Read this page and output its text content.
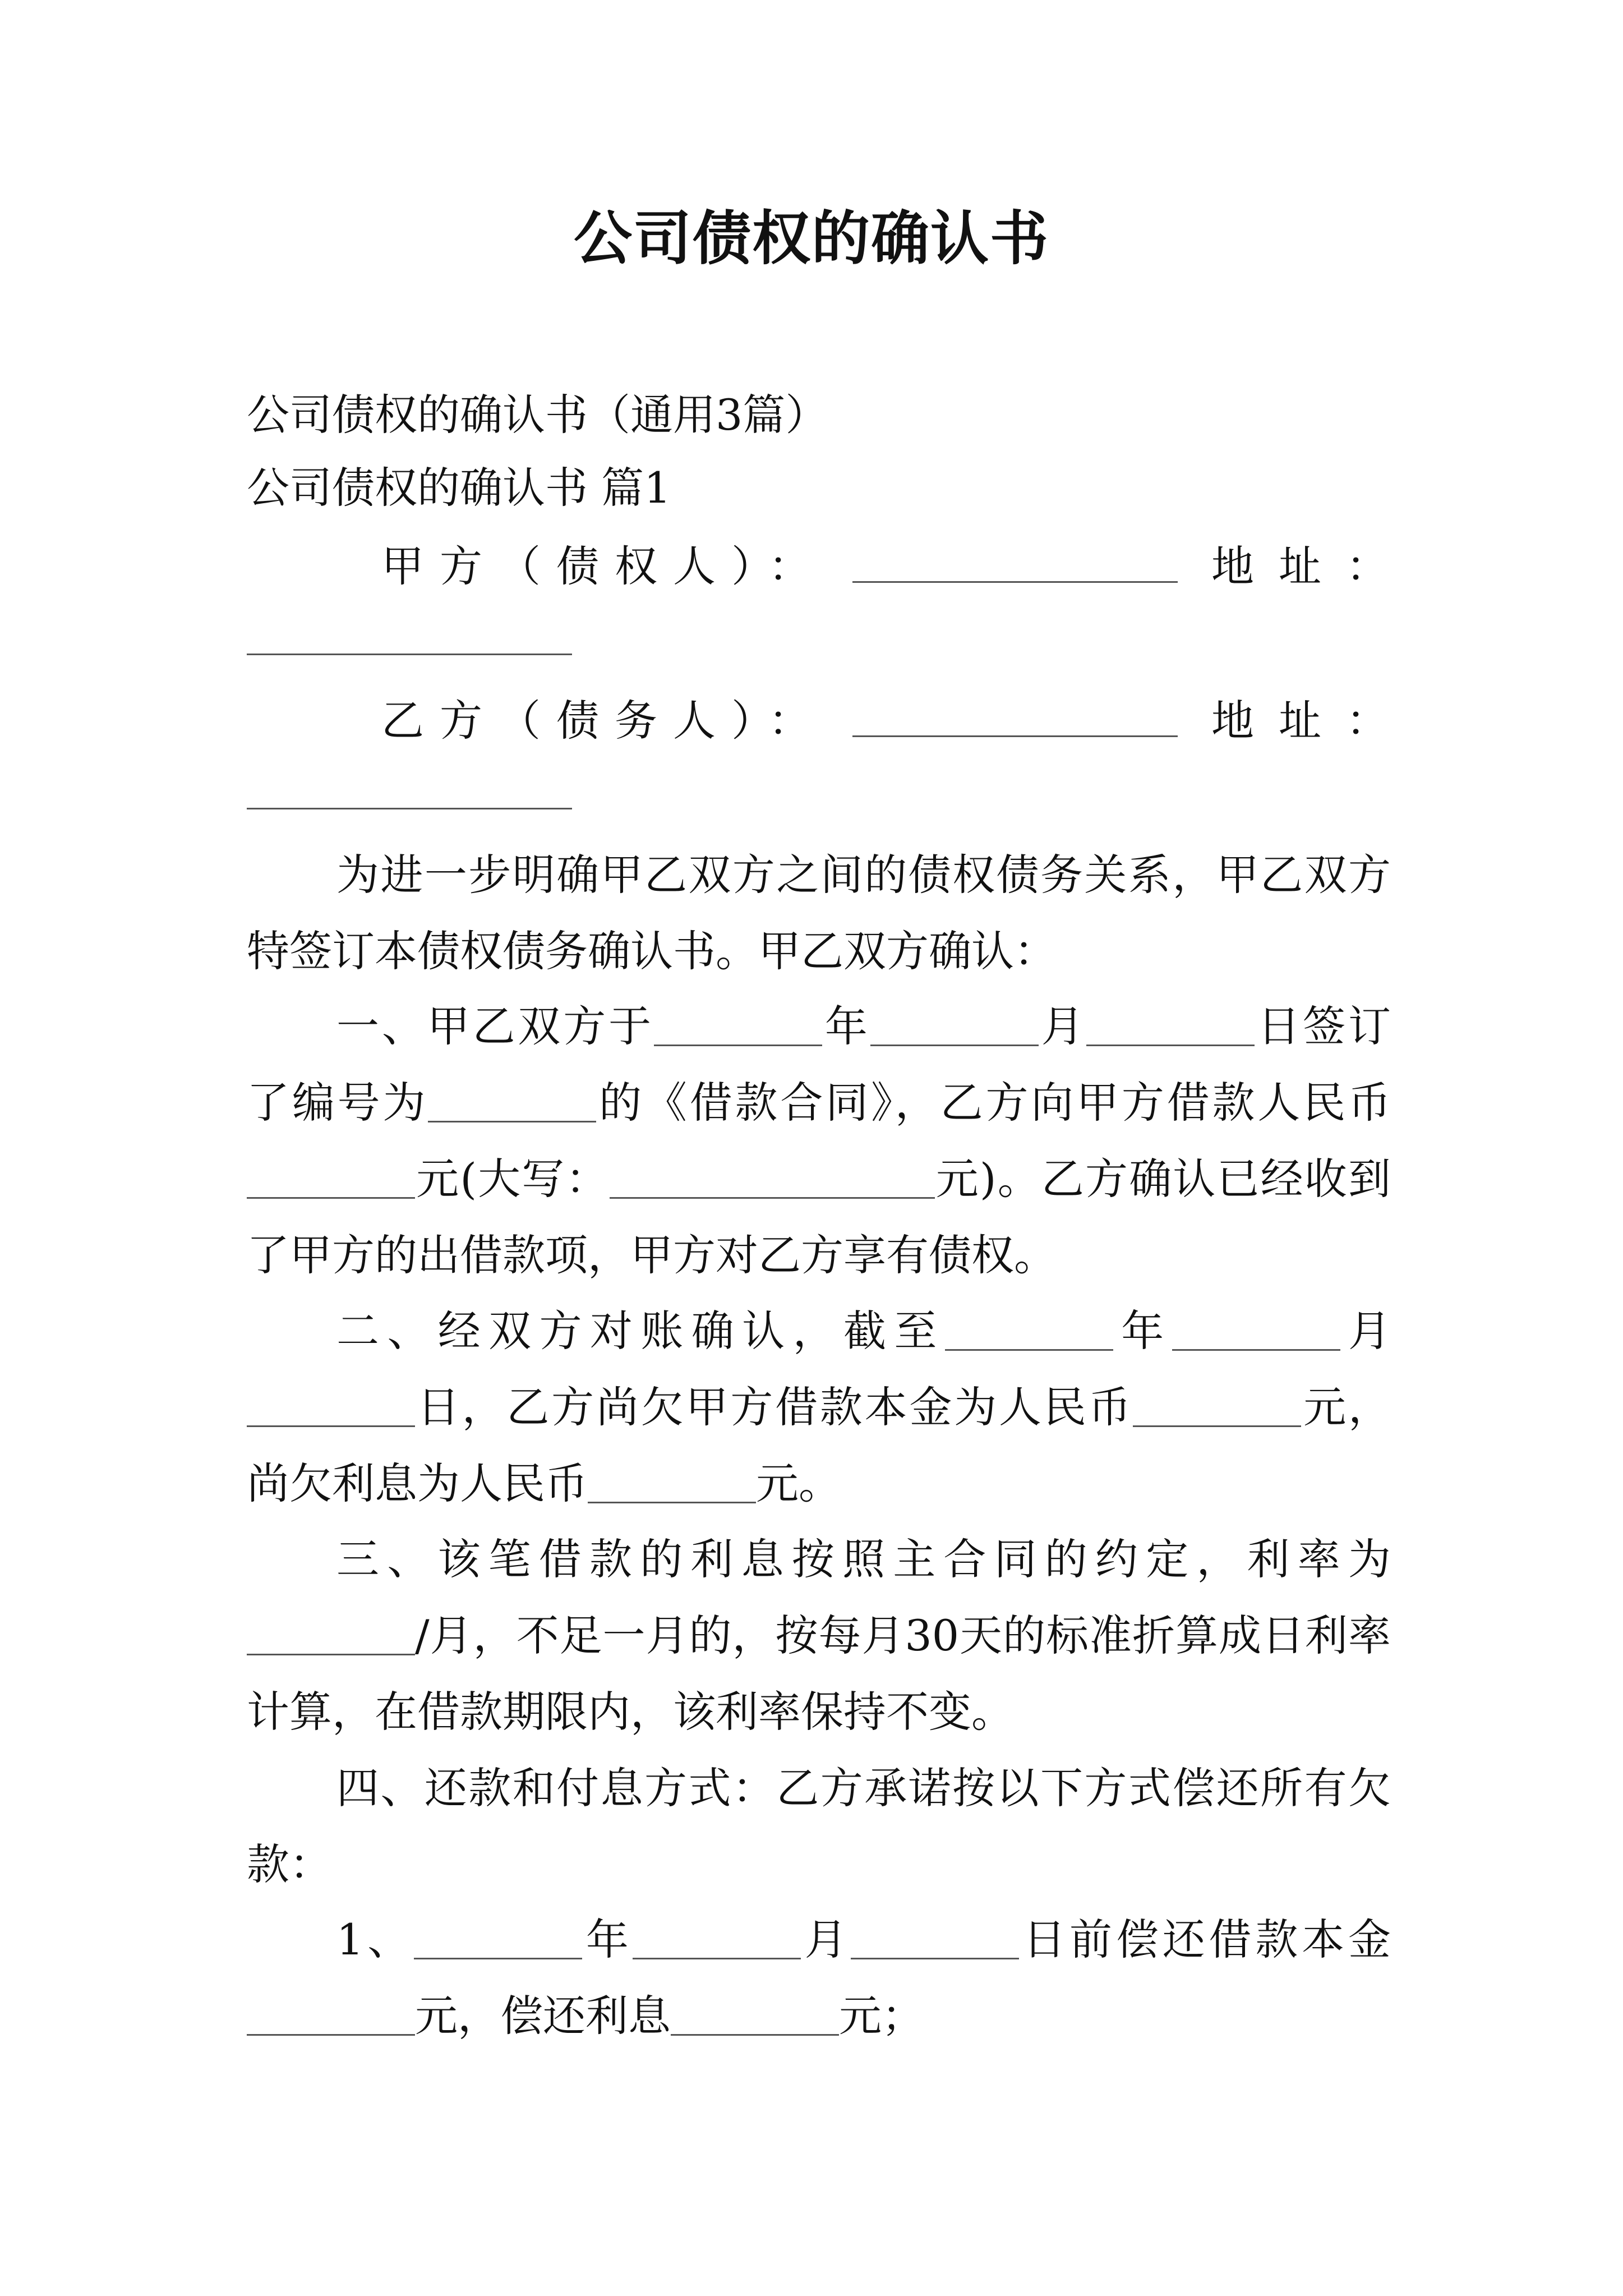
公司债权的确认书
公司债权的确认书（通用3篇）
公司债权的确认书 篇1
甲方（债权人）：	地址：
乙方（债务人）：	地址：
为进一步明确甲乙双方之间的债权债务关系，甲乙双方特签订本债权债务确认书。甲乙双方确认：
一、甲乙双方于	年	月	日签订了编号为	的《借款合同》，乙方向甲方借款人民币元(大写：	元)。乙方确认已经收到了甲方的出借款项，甲方对乙方享有债权。
二、经双方对账确认，截至	年	月日，乙方尚欠甲方借款本金为人民币	元，尚欠利息为人民币	元。
三、该笔借款的利息按照主合同的约定，利率为/月，不足一月的，按每月30天的标准折算成日利率计算，在借款期限内，该利率保持不变。
四、还款和付息方式：乙方承诺按以下方式偿还所有欠款：
1、	年	月	日前偿还借款本金元，偿还利息	元；
